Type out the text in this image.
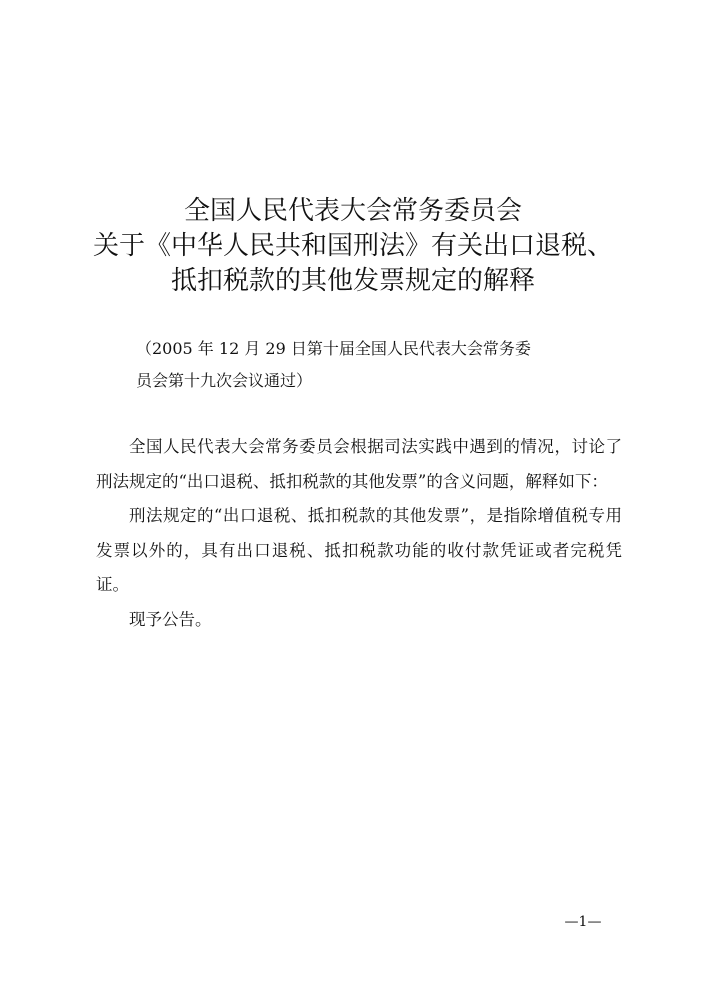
全国人民代表大会常务委员会
关于《中华人民共和国刑法》有关出口退税、
抵扣税款的其他发票规定的解释
（2005 年 12 月 29 日第十届全国人民代表大会常务委
员会第十九次会议通过）

全国人民代表大会常务委员会根据司法实践中遇到的情况，讨论了刑法规定的“出口退税、抵扣税款的其他发票”的含义问题，解释如下：

刑法规定的“出口退税、抵扣税款的其他发票”，是指除增值税专用发票以外的，具有出口退税、抵扣税款功能的收付款凭证或者完税凭证。

现予公告。

—1—
